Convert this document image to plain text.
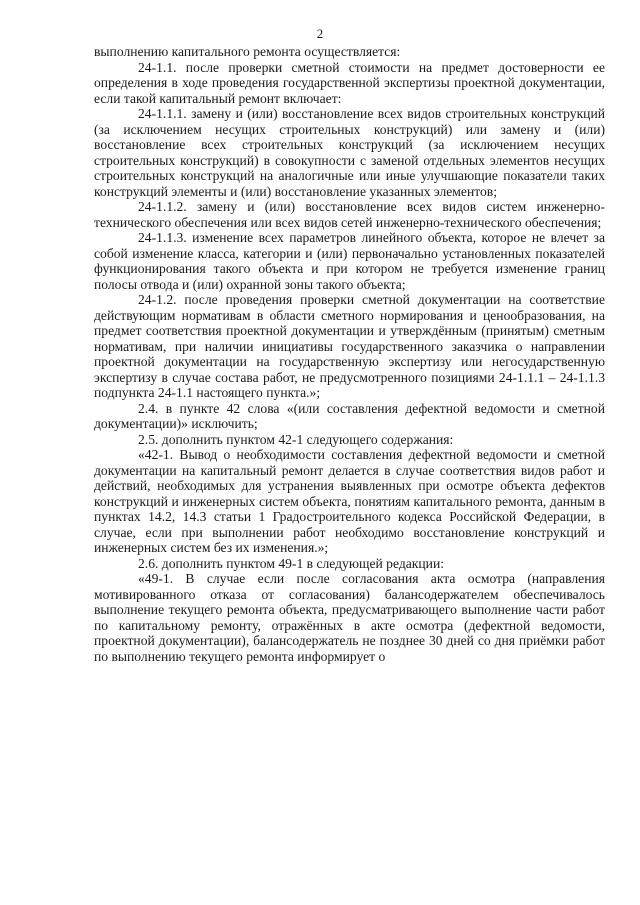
2

выполнению капитального ремонта осуществляется:

24-1.1. после проверки сметной стоимости на предмет достоверности ее определения в ходе проведения государственной экспертизы проектной документации, если такой капитальный ремонт включает:

24-1.1.1. замену и (или) восстановление всех видов строительных конструкций (за исключением несущих строительных конструкций) или замену и (или) восстановление всех строительных конструкций (за исключением несущих строительных конструкций) в совокупности с заменой отдельных элементов несущих строительных конструкций на аналогичные или иные улучшающие показатели таких конструкций элементы и (или) восстановление указанных элементов;

24-1.1.2. замену и (или) восстановление всех видов систем инженерно-технического обеспечения или всех видов сетей инженерно-технического обеспечения;

24-1.1.3. изменение всех параметров линейного объекта, которое не влечет за собой изменение класса, категории и (или) первоначально установленных показателей функционирования такого объекта и при котором не требуется изменение границ полосы отвода и (или) охранной зоны такого объекта;

24-1.2. после проведения проверки сметной документации на соответствие действующим нормативам в области сметного нормирования и ценообразования, на предмет соответствия проектной документации и утверждённым (принятым) сметным нормативам, при наличии инициативы государственного заказчика о направлении проектной документации на государственную экспертизу или негосударственную экспертизу в случае состава работ, не предусмотренного позициями 24-1.1.1 – 24-1.1.3 подпункта 24-1.1 настоящего пункта.»;

2.4. в пункте 42 слова «(или составления дефектной ведомости и сметной документации)» исключить;

2.5. дополнить пунктом 42-1 следующего содержания:

«42-1. Вывод о необходимости составления дефектной ведомости и сметной документации на капитальный ремонт делается в случае соответствия видов работ и действий, необходимых для устранения выявленных при осмотре объекта дефектов конструкций и инженерных систем объекта, понятиям капитального ремонта, данным в пунктах 14.2, 14.3 статьи 1 Градостроительного кодекса Российской Федерации, в случае, если при выполнении работ необходимо восстановление конструкций и инженерных систем без их изменения.»;

2.6. дополнить пунктом 49-1 в следующей редакции:

«49-1. В случае если после согласования акта осмотра (направления мотивированного отказа от согласования) балансодержателем обеспечивалось выполнение текущего ремонта объекта, предусматривающего выполнение части работ по капитальному ремонту, отражённых в акте осмотра (дефектной ведомости, проектной документации), балансодержатель не позднее 30 дней со дня приёмки работ по выполнению текущего ремонта информирует о
